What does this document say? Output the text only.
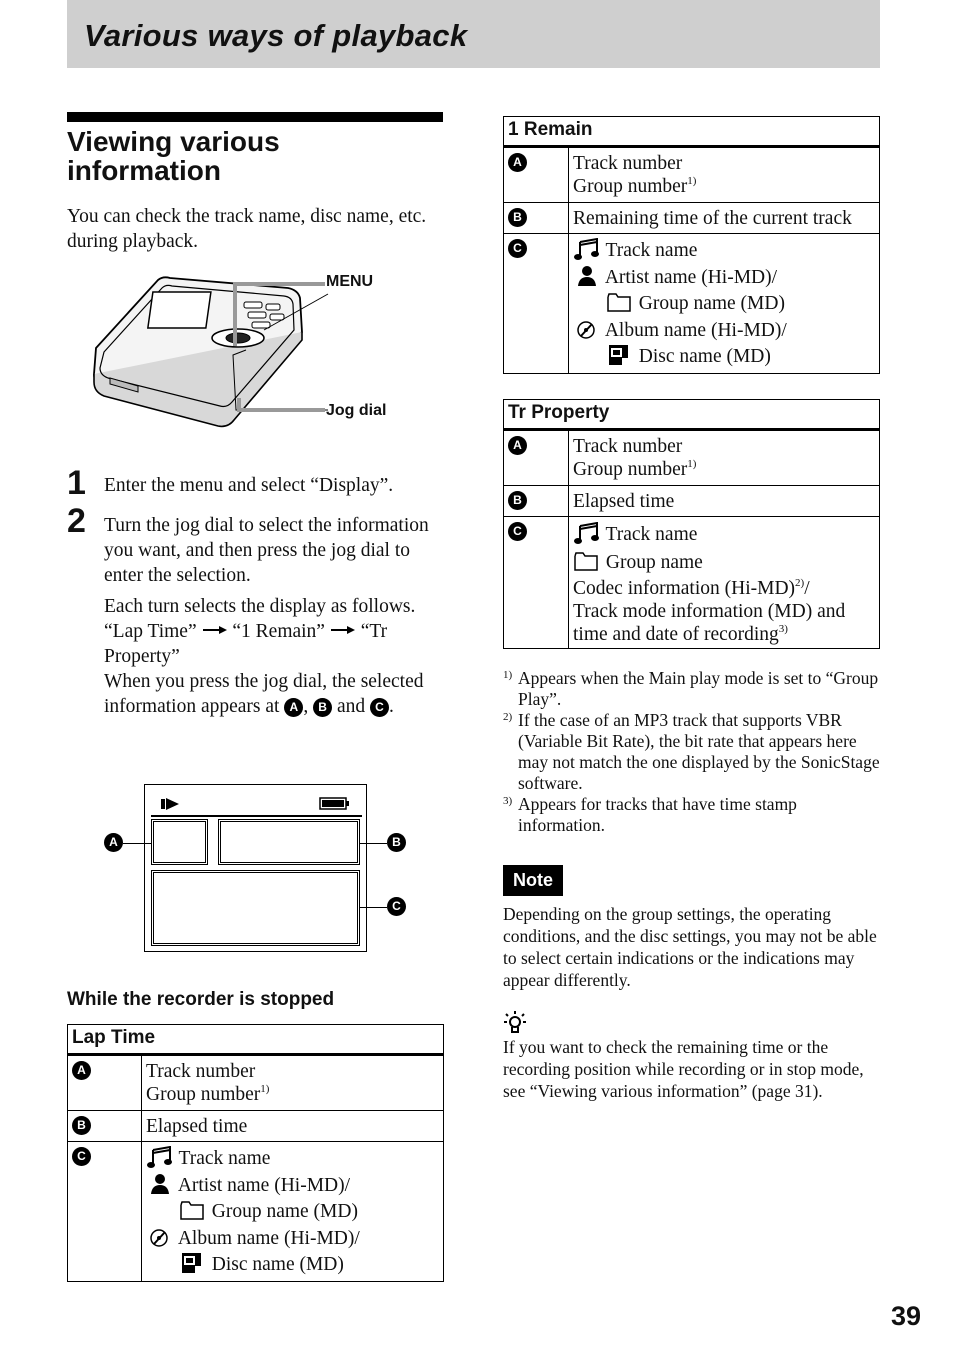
Various ways of playback
Viewing various
information
You can check the track name, disc name, etc. during playback.
MENU
Jog dial
1 Enter the menu and select “Display”.
2 Turn the jog dial to select the information you want, and then press the jog dial to enter the selection.
Each turn selects the display as follows.
“Lap Time” “1 Remain” “Tr Property”
When you press the jog dial, the selected information appears at A , B and C .
A	B
C
While the recorder is stopped
Lap Time	
A	Track number
Group number$^{1)}$

B	Elapsed time
C	Track name
Artist name (Hi-MD)/
Group name (MD)
Album name (Hi-MD)/
Disc name (MD)
1 Remain	
A	Track number
Group number$^{1)}$

B	Remaining time of the current track
C	Track name
Artist name (Hi-MD)/
Group name (MD)
Album name (Hi-MD)/
Disc name (MD)
Tr Property	
A	Track number
Group number$^{1)}$

B	Elapsed time
C	Track name
Group name
Codec information $(Hi-MD)^{2)}/$
Track mode information (MD) and
time and date of recording$^{3)}$
1) Appears when the Main play mode is set to “Group Play”.
2) If the case of an MP3 track that supports VBR (Variable Bit Rate), the bit rate that appears here may not match the one displayed by the SonicStage software.
3) Appears for tracks that have time stamp information.
Note
Depending on the group settings, the operating conditions, and the disc settings, you may not be able to select certain indications or the indications may appear differently.
If you want to check the remaining time or the recording position while recording or in stop mode, see “Viewing various information” (page 31).
39
